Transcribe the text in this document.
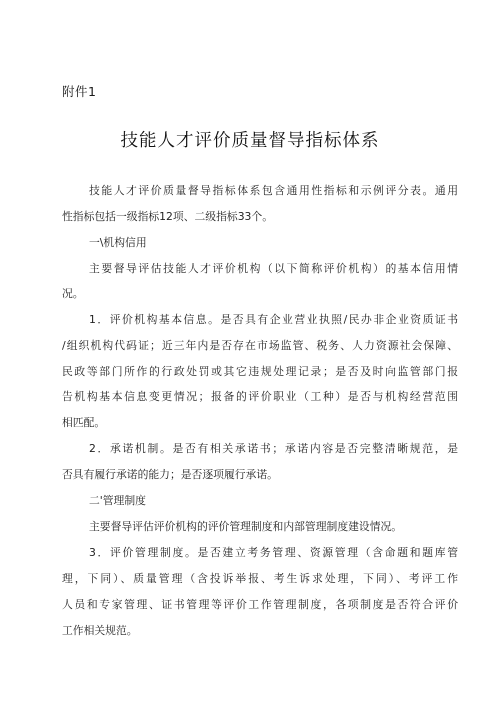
附件1
技能人才评价质量督导指标体系
技能人才评价质量督导指标体系包含通用性指标和示例评分表。通用
性指标包括一级指标12项、二级指标33个。
一\机构信用
主要督导评估技能人才评价机构（以下简称评价机构）的基本信用情
况。
1．评价机构基本信息。是否具有企业营业执照/民办非企业资质证书
/组织机构代码证；近三年内是否存在市场监管、税务、人力资源社会保障、
民政等部门所作的行政处罚或其它违规处理记录；是否及时向监管部门报
告机构基本信息变更情况；报备的评价职业（工种）是否与机构经营范围
相匹配。
2．承诺机制。是否有相关承诺书；承诺内容是否完整清晰规范，是
否具有履行承诺的能力；是否逐项履行承诺。
二'管理制度
主要督导评估评价机构的评价管理制度和内部管理制度建设情况。
3．评价管理制度。是否建立考务管理、资源管理（含命题和题库管
理，下同）、质量管理（含投诉举报、考生诉求处理，下同）、考评工作
人员和专家管理、证书管理等评价工作管理制度，各项制度是否符合评价
工作相关规范。
